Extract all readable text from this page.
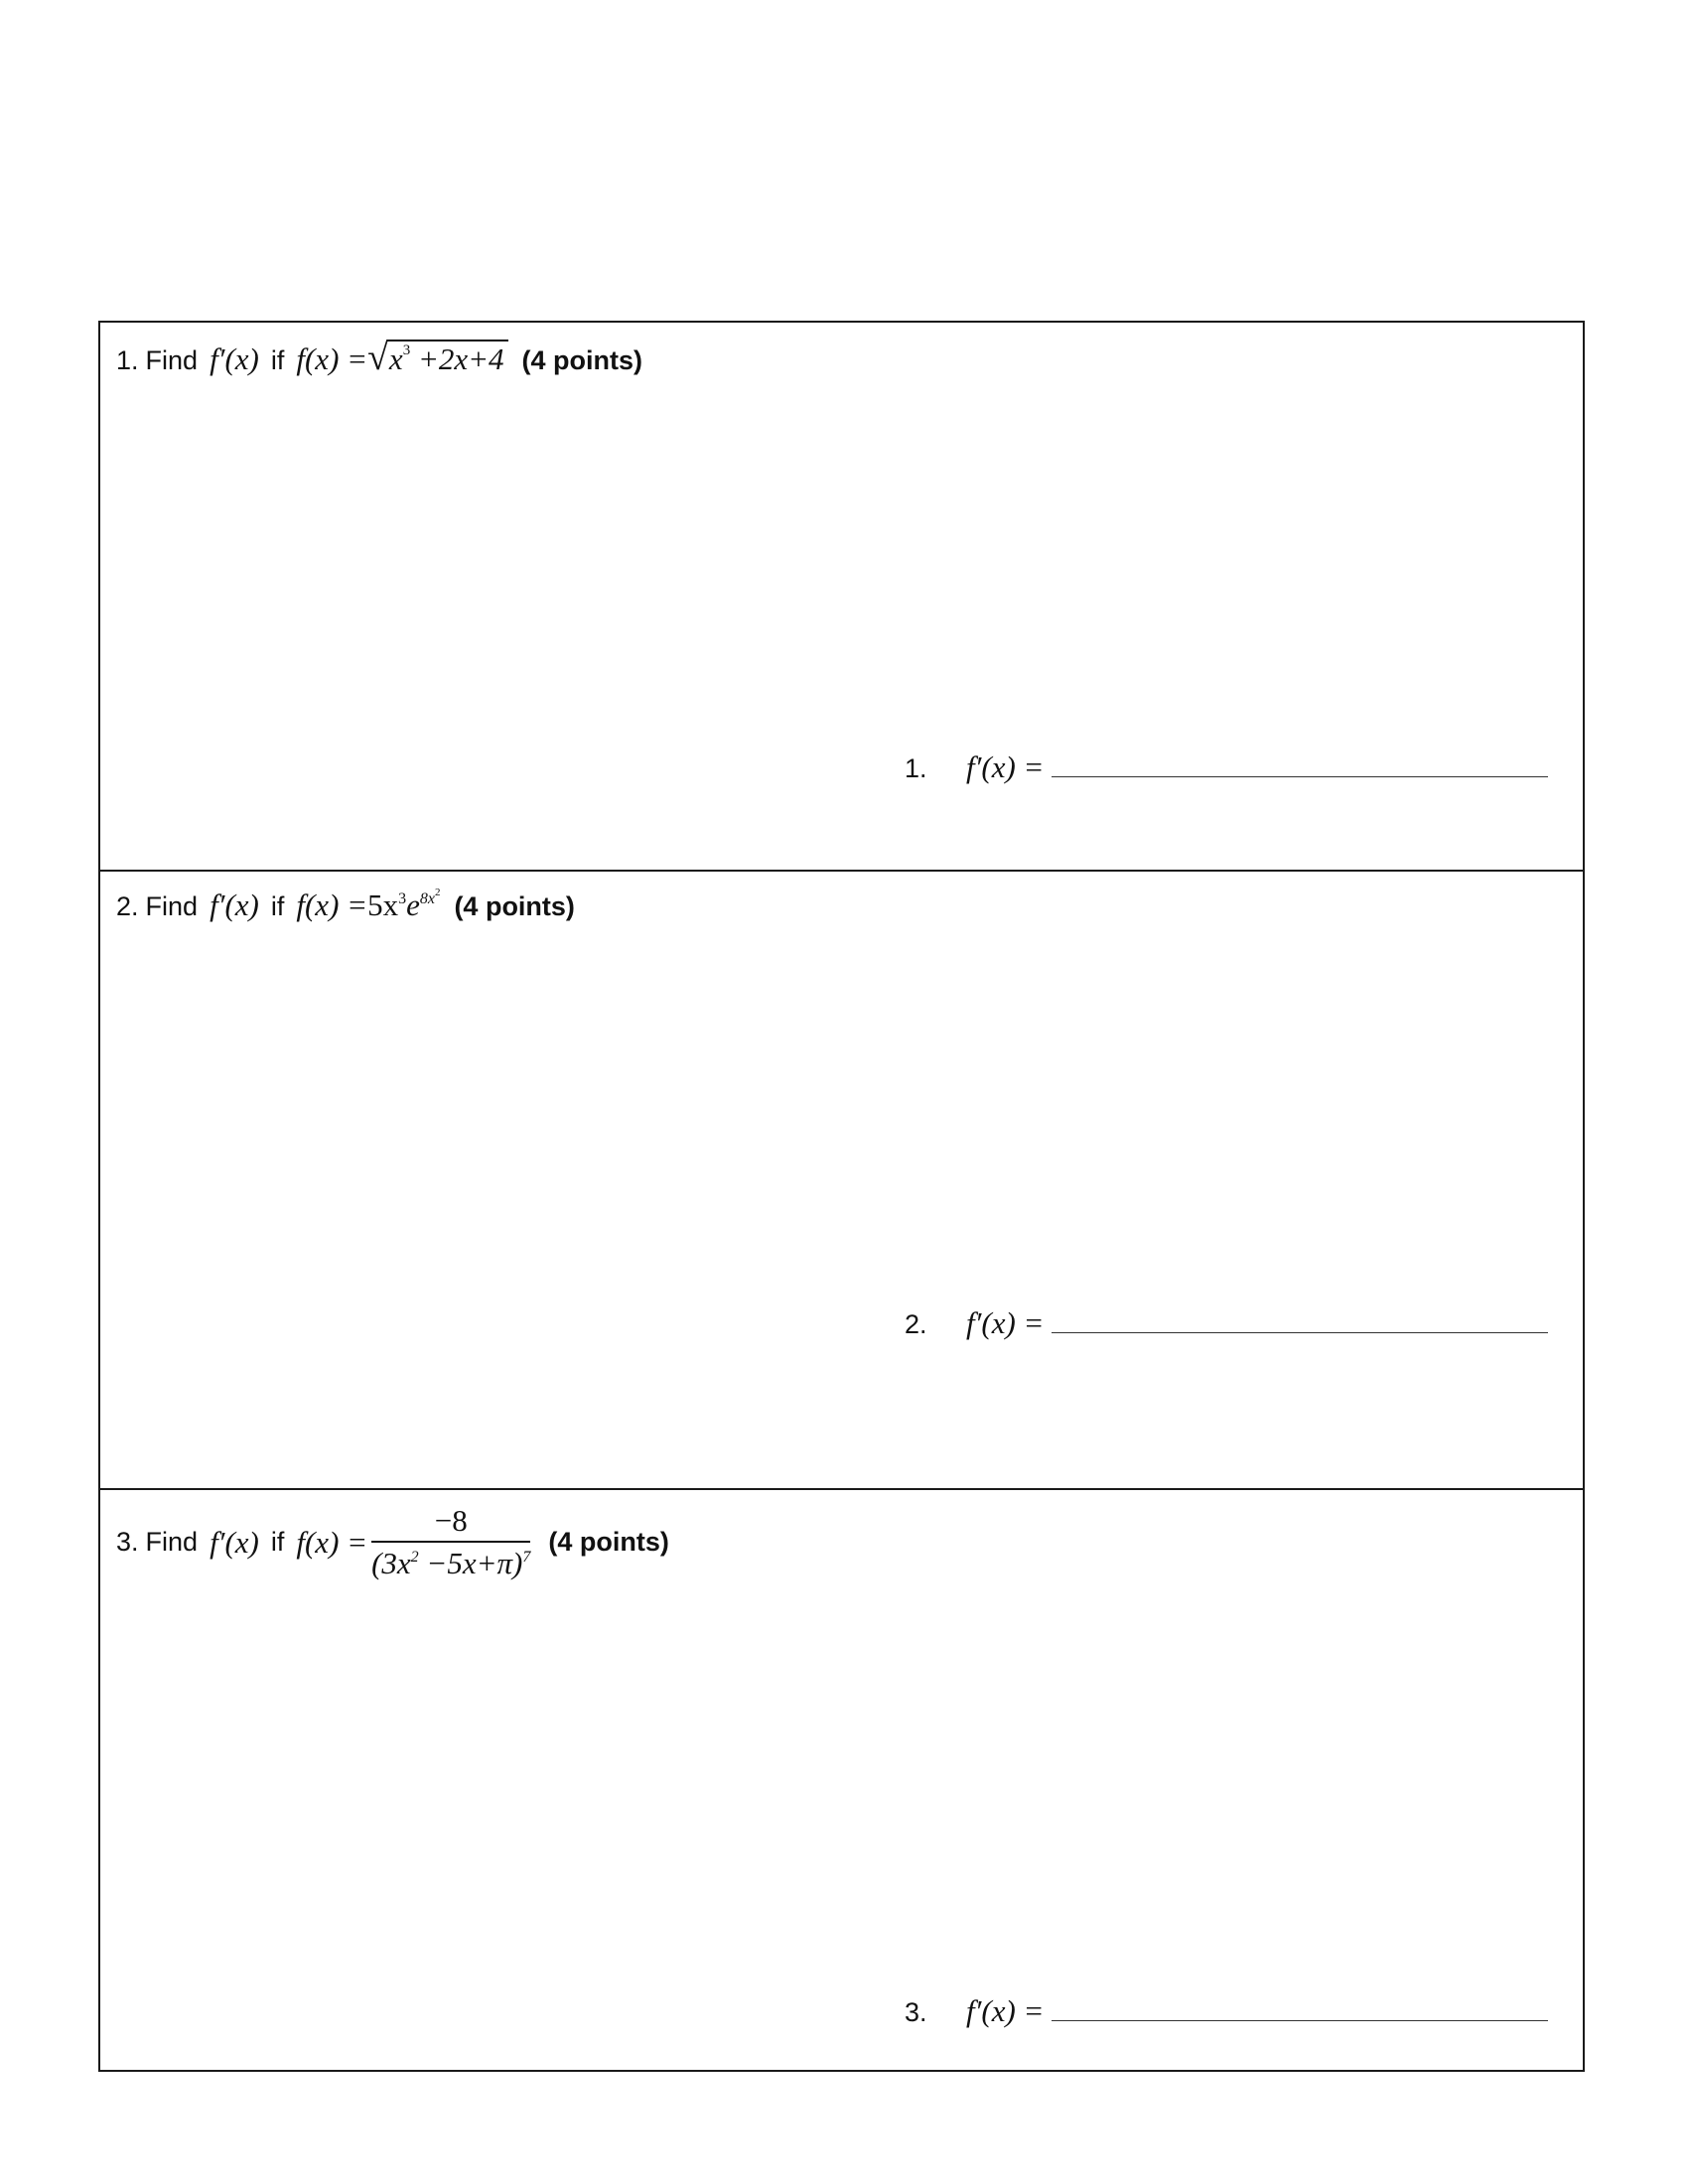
1. Find f′(x) if f(x) = √ $x^3 +2x+4$ (4 points)
1.	f′(x) =
2. Find f′(x) if $f(x) = 5x^3e^{8x^2}$ (4 points)
2.	f′(x) =
3. Find f′(x) if $f(x) = \frac{-8}{(3x^2 -5x+\pi)^7} (4$ points)
3.	f′(x) =
